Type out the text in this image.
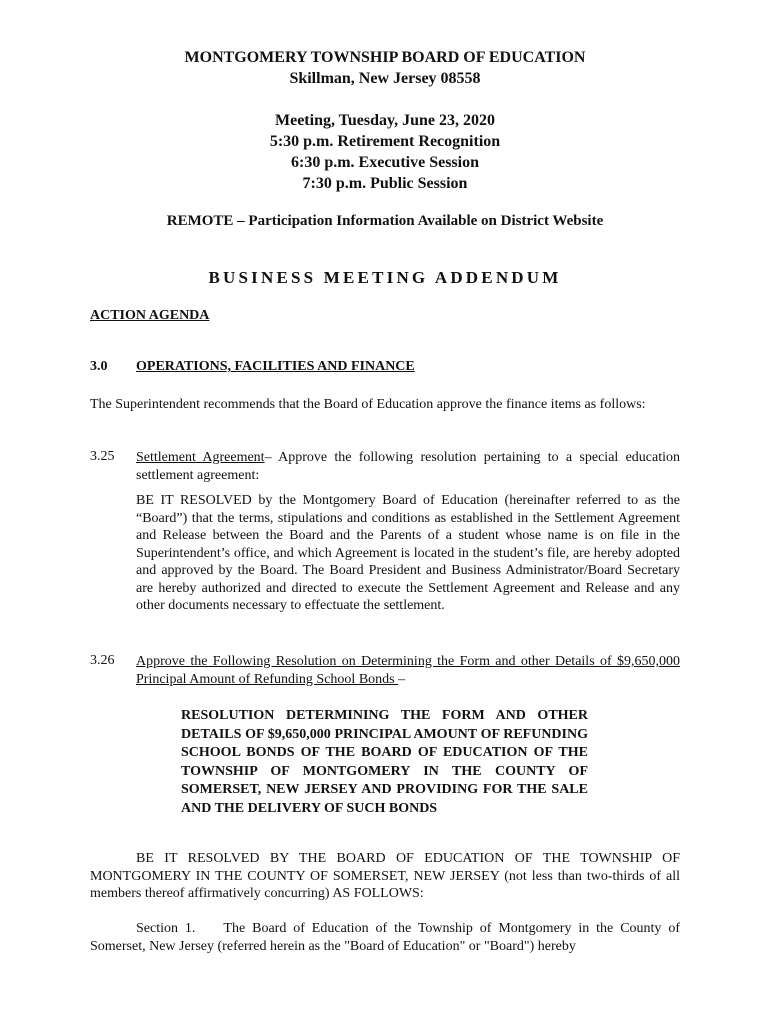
MONTGOMERY TOWNSHIP BOARD OF EDUCATION
Skillman, New Jersey 08558
Meeting, Tuesday, June 23, 2020
5:30 p.m. Retirement Recognition
6:30 p.m. Executive Session
7:30 p.m. Public Session
REMOTE – Participation Information Available on District Website
BUSINESS MEETING ADDENDUM
ACTION AGENDA
3.0 OPERATIONS, FACILITIES AND FINANCE
The Superintendent recommends that the Board of Education approve the finance items as follows:
3.25 Settlement Agreement– Approve the following resolution pertaining to a special education settlement agreement:
BE IT RESOLVED by the Montgomery Board of Education (hereinafter referred to as the “Board”) that the terms, stipulations and conditions as established in the Settlement Agreement and Release between the Board and the Parents of a student whose name is on file in the Superintendent’s office, and which Agreement is located in the student’s file, are hereby adopted and approved by the Board. The Board President and Business Administrator/Board Secretary are hereby authorized and directed to execute the Settlement Agreement and Release and any other documents necessary to effectuate the settlement.
3.26 Approve the Following Resolution on Determining the Form and other Details of $9,650,000 Principal Amount of Refunding School Bonds –
RESOLUTION DETERMINING THE FORM AND OTHER DETAILS OF $9,650,000 PRINCIPAL AMOUNT OF REFUNDING SCHOOL BONDS OF THE BOARD OF EDUCATION OF THE TOWNSHIP OF MONTGOMERY IN THE COUNTY OF SOMERSET, NEW JERSEY AND PROVIDING FOR THE SALE AND THE DELIVERY OF SUCH BONDS
BE IT RESOLVED BY THE BOARD OF EDUCATION OF THE TOWNSHIP OF MONTGOMERY IN THE COUNTY OF SOMERSET, NEW JERSEY (not less than two-thirds of all members thereof affirmatively concurring) AS FOLLOWS:
Section 1. The Board of Education of the Township of Montgomery in the County of Somerset, New Jersey (referred herein as the "Board of Education" or "Board") hereby
